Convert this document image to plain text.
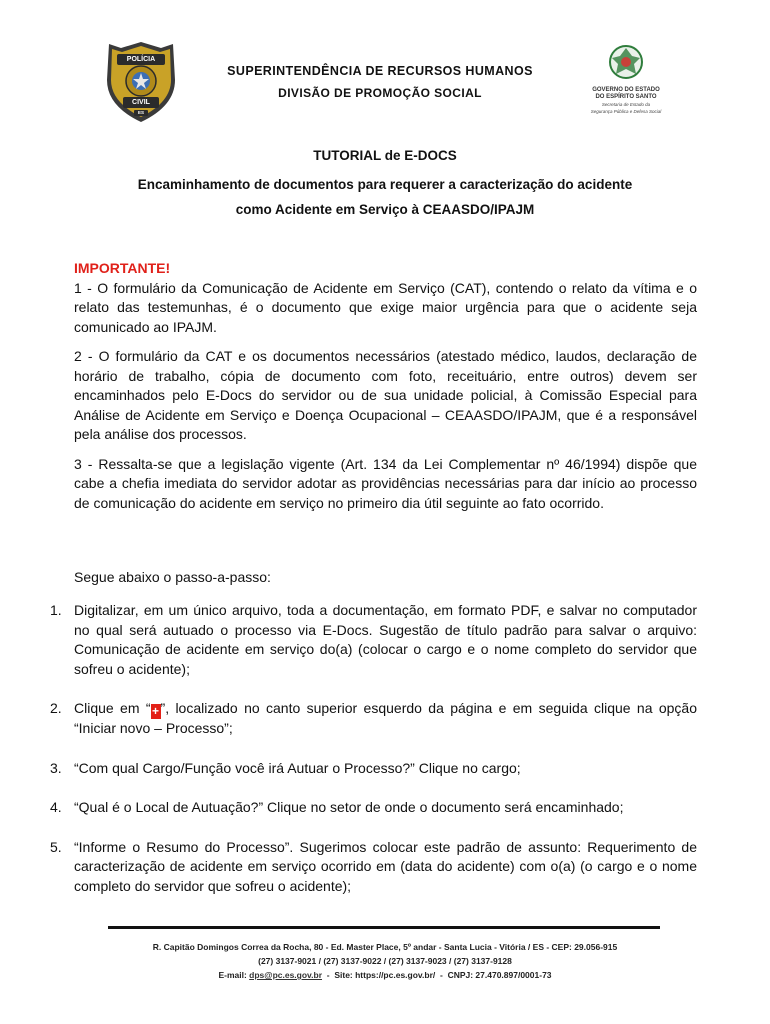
POLÍCIA
CIVIL
ES
SUPERINTENDÊNCIA DE RECURSOS HUMANOS
DIVISÃO DE PROMOÇÃO SOCIAL	GOVERNO DO ESTADO
DO ESPÍRITO SANTO
Secretaria de Estado da
Segurança Pública e Defesa Social
TUTORIAL de E-DOCS
Encaminhamento de documentos para requerer a caracterização do acidente
como Acidente em Serviço à CEAASDO/IPAJM
IMPORTANTE!
1 - O formulário da Comunicação de Acidente em Serviço (CAT), contendo o relato da vítima e o relato das testemunhas, é o documento que exige maior urgência para que o acidente seja comunicado ao IPAJM.
2 - O formulário da CAT e os documentos necessários (atestado médico, laudos, declaração de horário de trabalho, cópia de documento com foto, receituário, entre outros) devem ser encaminhados pelo E-Docs do servidor ou de sua unidade policial, à Comissão Especial para Análise de Acidente em Serviço e Doença Ocupacional – CEAASDO/IPAJM, que é a responsável pela análise dos processos.
3 - Ressalta-se que a legislação vigente (Art. 134 da Lei Complementar nº 46/1994) dispõe que cabe a chefia imediata do servidor adotar as providências necessárias para dar início ao processo de comunicação do acidente em serviço no primeiro dia útil seguinte ao fato ocorrido.
Segue abaixo o passo-a-passo:
1. Digitalizar, em um único arquivo, toda a documentação, em formato PDF, e salvar no computador no qual será autuado o processo via E-Docs. Sugestão de título padrão para salvar o arquivo: Comunicação de acidente em serviço do(a) (colocar o cargo e o nome completo do servidor que sofreu o acidente);
2. Clique em “+ ”, localizado no canto superior esquerdo da página e em seguida clique na opção “Iniciar novo – Processo”;
3. “Com qual Cargo/Função você irá Autuar o Processo?” Clique no cargo;
4. “Qual é o Local de Autuação?” Clique no setor de onde o documento será encaminhado;
5. “Informe o Resumo do Processo”. Sugerimos colocar este padrão de assunto: Requerimento de caracterização de acidente em serviço ocorrido em (data do acidente) com o(a) (o cargo e o nome completo do servidor que sofreu o acidente);
R. Capitão Domingos Correa da Rocha, 80 - Ed. Master Place, 5º andar - Santa Lucia - Vitória / ES - CEP: 29.056-915
(27) 3137-9021 / (27) 3137-9022 / (27) 3137-9023 / (27) 3137-9128
E-mail: dps@pc.es.gov.br - Site: https://pc.es.gov.br/ - CNPJ: 27.470.897/0001-73
